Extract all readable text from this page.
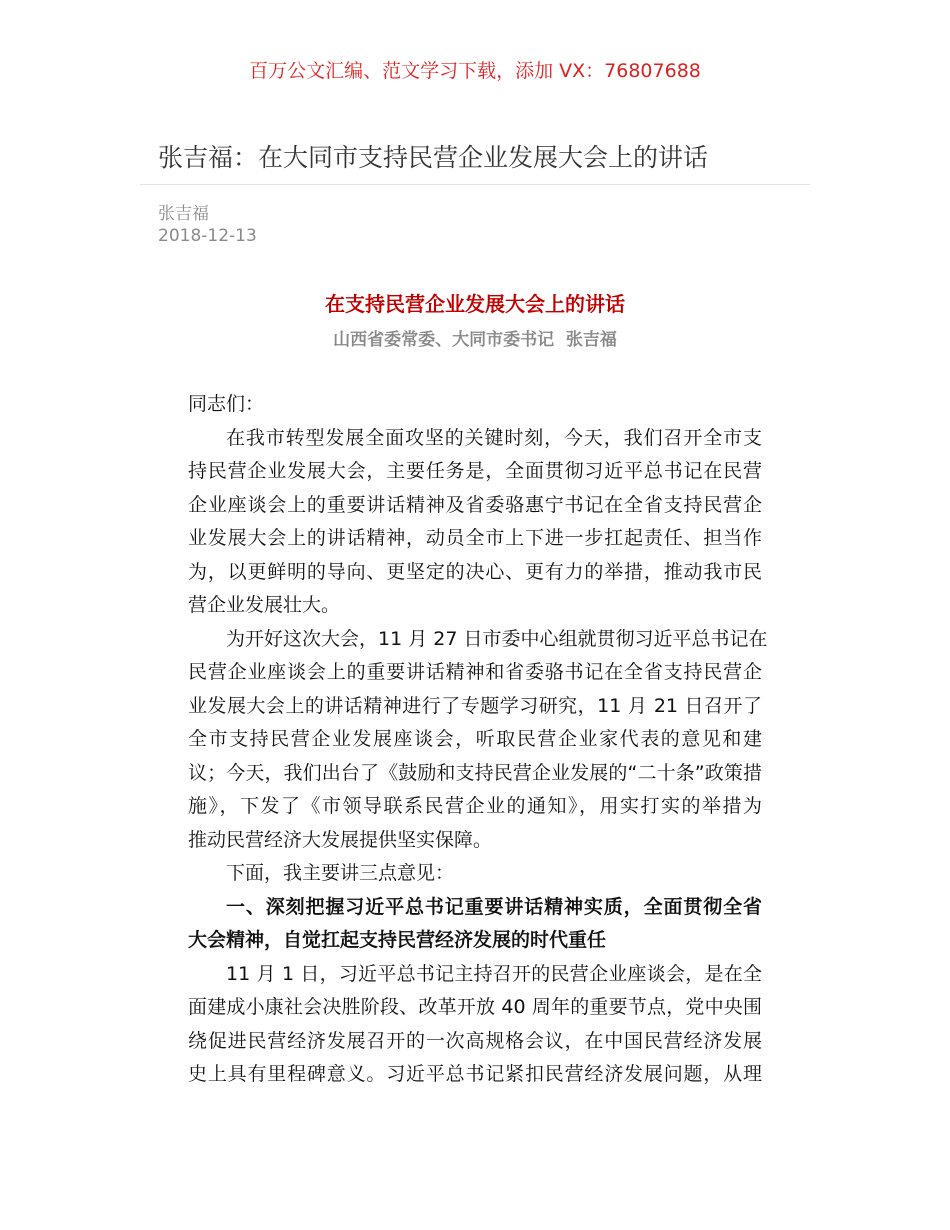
百万公文汇编、范文学习下载，添加 VX：76807688
张吉福：在大同市支持民营企业发展大会上的讲话
张吉福
2018-12-13
在支持民营企业发展大会上的讲话
山西省委常委、大同市委书记  张吉福
同志们：
在我市转型发展全面攻坚的关键时刻，今天，我们召开全市支
持民营企业发展大会，主要任务是，全面贯彻习近平总书记在民营
企业座谈会上的重要讲话精神及省委骆惠宁书记在全省支持民营企
业发展大会上的讲话精神，动员全市上下进一步扛起责任、担当作
为，以更鲜明的导向、更坚定的决心、更有力的举措，推动我市民
营企业发展壮大。
为开好这次大会，11 月 27 日市委中心组就贯彻习近平总书记在
民营企业座谈会上的重要讲话精神和省委骆书记在全省支持民营企
业发展大会上的讲话精神进行了专题学习研究，11 月 21 日召开了
全市支持民营企业发展座谈会，听取民营企业家代表的意见和建
议；今天，我们出台了《鼓励和支持民营企业发展的“二十条”政策措
施》，下发了《市领导联系民营企业的通知》，用实打实的举措为
推动民营经济大发展提供坚实保障。
下面，我主要讲三点意见：
一、深刻把握习近平总书记重要讲话精神实质，全面贯彻全省
大会精神，自觉扛起支持民营经济发展的时代重任
11 月 1 日，习近平总书记主持召开的民营企业座谈会，是在全
面建成小康社会决胜阶段、改革开放 40 周年的重要节点，党中央围
绕促进民营经济发展召开的一次高规格会议，在中国民营经济发展
史上具有里程碑意义。习近平总书记紧扣民营经济发展问题，从理
